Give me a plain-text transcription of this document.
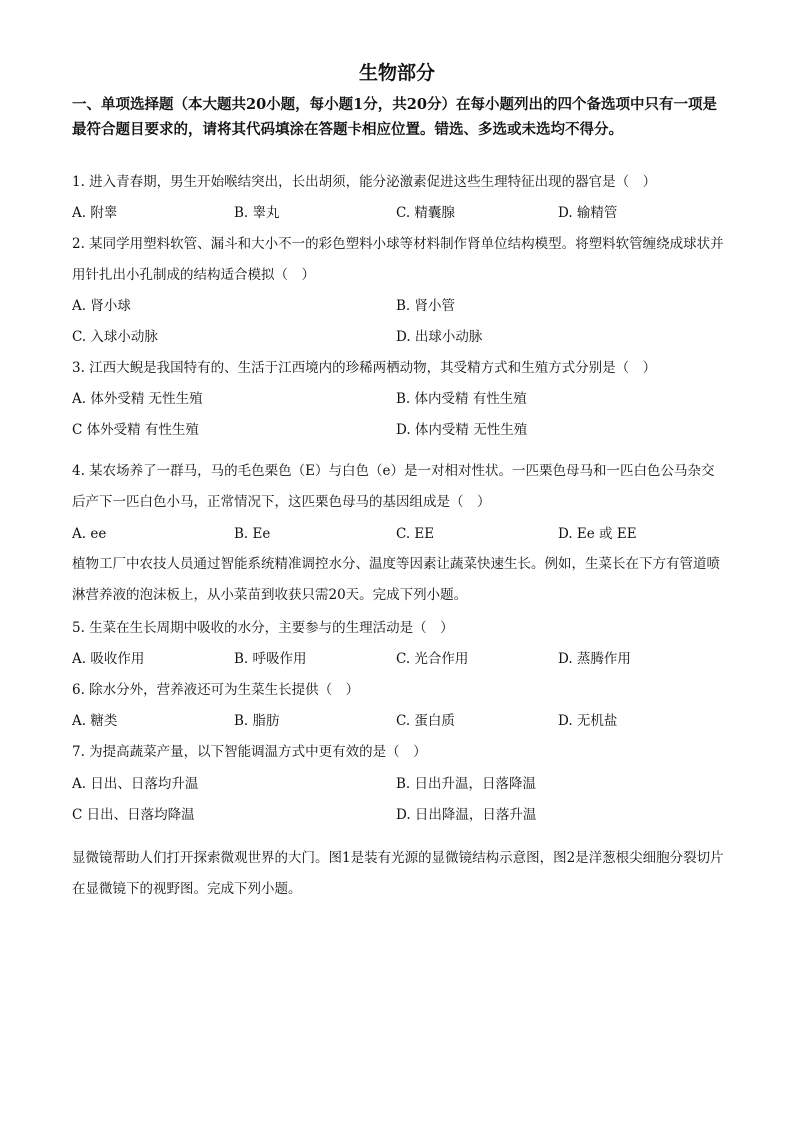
生物部分
一、单项选择题（本大题共20小题，每小题1分，共20分）在每小题列出的四个备选项中只有一项是最符合题目要求的，请将其代码填涂在答题卡相应位置。错选、多选或未选均不得分。
1. 进入青春期，男生开始喉结突出，长出胡须，能分泌激素促进这些生理特征出现的器官是（　）
A. 附睾	B. 睾丸	C. 精囊腺	D. 输精管
2. 某同学用塑料软管、漏斗和大小不一的彩色塑料小球等材料制作肾单位结构模型。将塑料软管缠绕成球状并用针扎出小孔制成的结构适合模拟（　）
A. 肾小球	B. 肾小管
C. 入球小动脉	D. 出球小动脉
3. 江西大鲵是我国特有的、生活于江西境内的珍稀两栖动物，其受精方式和生殖方式分别是（　）
A. 体外受精 无性生殖	B. 体内受精 有性生殖
C 体外受精 有性生殖	D. 体内受精 无性生殖
4. 某农场养了一群马，马的毛色栗色（E）与白色（e）是一对相对性状。一匹栗色母马和一匹白色公马杂交后产下一匹白色小马，正常情况下，这匹栗色母马的基因组成是（　）
A. ee	B. Ee	C. EE	D. Ee 或 EE
植物工厂中农技人员通过智能系统精准调控水分、温度等因素让蔬菜快速生长。例如，生菜长在下方有管道喷淋营养液的泡沫板上，从小菜苗到收获只需20天。完成下列小题。
5. 生菜在生长周期中吸收的水分，主要参与的生理活动是（　）
A. 吸收作用	B. 呼吸作用	C. 光合作用	D. 蒸腾作用
6. 除水分外，营养液还可为生菜生长提供（　）
A. 糖类	B. 脂肪	C. 蛋白质	D. 无机盐
7. 为提高蔬菜产量，以下智能调温方式中更有效的是（　）
A. 日出、日落均升温	B. 日出升温，日落降温
C 日出、日落均降温	D. 日出降温，日落升温
显微镜帮助人们打开探索微观世界的大门。图1是装有光源的显微镜结构示意图，图2是洋葱根尖细胞分裂切片在显微镜下的视野图。完成下列小题。
